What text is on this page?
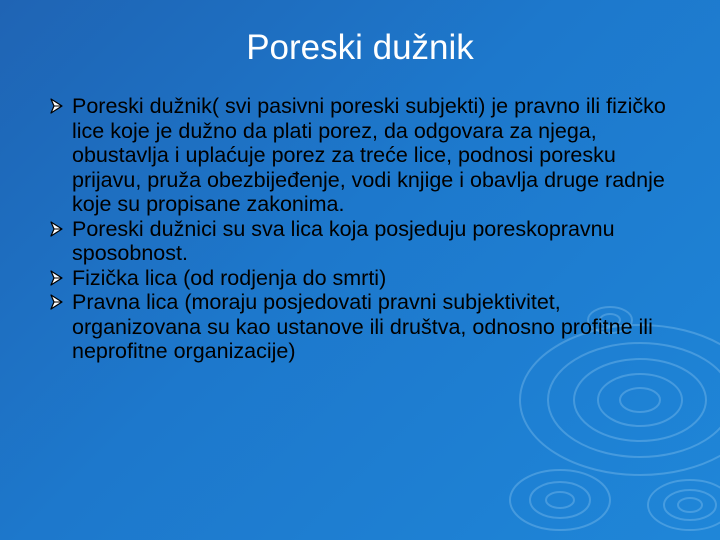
Poreski dužnik
Poreski dužnik( svi pasivni poreski subjekti) je pravno ili fizičko lice koje je dužno da plati porez, da odgovara za njega, obustavlja i uplaćuje porez za treće lice, podnosi poresku prijavu, pruža obezbijeđenje, vodi knjige i obavlja druge radnje koje su propisane zakonima.
Poreski dužnici su sva lica koja posjeduju poreskopravnu sposobnost.
Fizička lica (od rodjenja do smrti)
Pravna lica (moraju posjedovati pravni subjektivitet, organizovana su kao ustanove ili društva, odnosno profitne ili neprofitne organizacije)
